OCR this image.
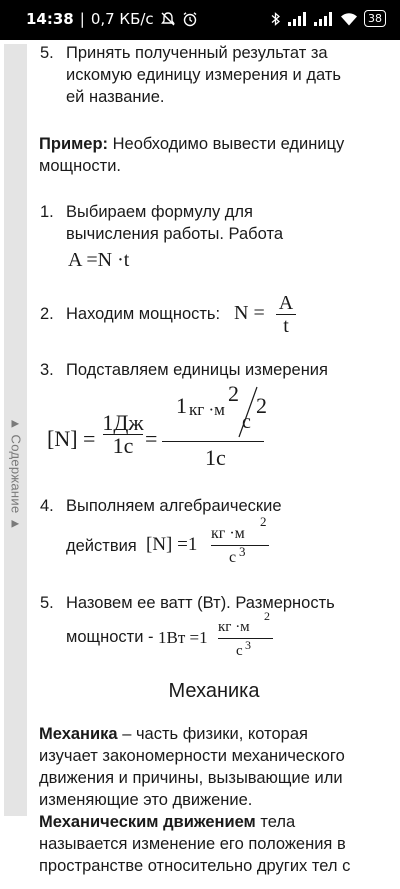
14:38 | 0,7 КБ/с	38
▲ Содержание ▲
5. Принять полученный результат за
искомую единицу измерения и дать
ей название.
Пример: Необходимо вывести единицу
мощности.
1. Выбираем формулу для
вычисления работы. Работа
A =N ·t
2. Находим мощность: N = A
t
3. Подставляем единицы измерения
[N] =
1Дж
1с =
1 кг ·м
2
с
2
1с
4. Выполняем алгебраические
действия [N] =1
кг ·м
2
с 3
5. Назовем ее ватт (Вт). Размерность
мощности - 1Вт =1
кг ·м
2
с 3
Механика
Механика – часть физики, которая
изучает закономерности механического
движения и причины, вызывающие или
изменяющие это движение.
Механическим движением тела
называется изменение его положения в
пространстве относительно других тел с
